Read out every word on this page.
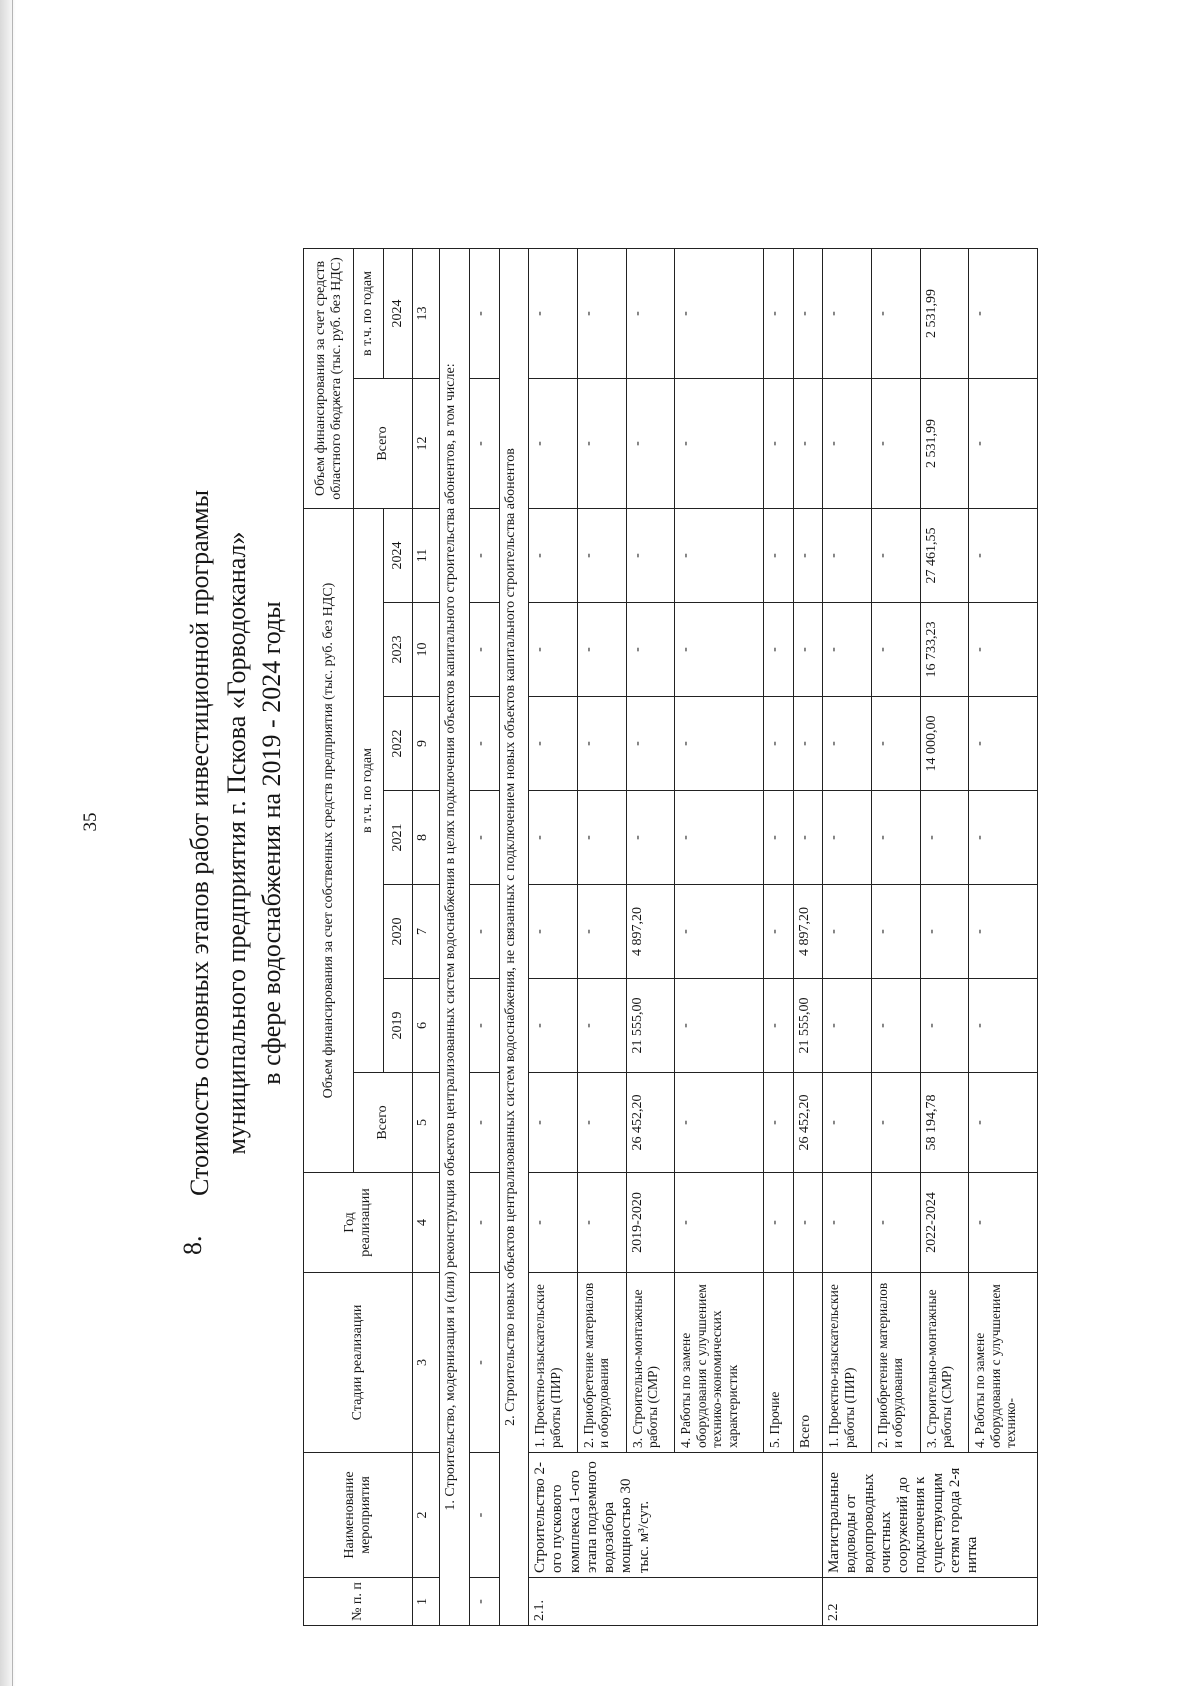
35
8.
Стоимость основных этапов работ инвестиционной программы муниципального предприятия г. Пскова «Горводоканал» в сфере водоснабжения на 2019 - 2024 годы
№ п. п	Наименование мероприятия	Стадии реализации	Год реализации	Объем финансирования за счет собственных средств предприятия (тыс. руб. без НДС)							Объем финансирования за счет средств областного бюджета (тыс. руб. без НДС)	
				Всего	в т.ч. по годам						Всего	в т.ч. по годам
					2019	2020	2021	2022	2023	2024		2024
1	2	3	4	5	6	7	8	9	10	11	12	13
1. Строительство, модернизация и (или) реконструкция объектов централизованных систем водоснабжения в целях подключения объектов капитального строительства абонентов, в том числе:												
-	-	-	-	-	-	-	-	-	-	-	-	-
2. Строительство новых объектов централизованных систем водоснабжения, не связанных с подключением новых объектов капитального строительства абонентов												
2.1.	Строительство 2-ого пускового комплекса 1-ого этапа подземного водозабора мощностью 30 тыс. м³/сут.	1. Проектно-изыскательские работы (ПИР)	-	-	-	-	-	-	-	-	-	-
		2. Приобретение материалов и оборудования	-	-	-	-	-	-	-	-	-	-
		3. Строительно-монтажные работы (СМР)	2019-2020	26 452,20	21 555,00	4 897,20	-	-	-	-	-	-
		4. Работы по замене оборудования с улучшением технико-экономических характеристик	-	-	-	-	-	-	-	-	-	-
		5. Прочие	-	-	-	-	-	-	-	-	-	-
		Всего	-	26 452,20	21 555,00	4 897,20	-	-	-	-	-	-
2.2	Магистральные водоводы от водопроводных очистных сооружений до подключения к существующим сетям города 2-я нитка	1. Проектно-изыскательские работы (ПИР)	-	-	-	-	-	-	-	-	-	-
		2. Приобретение материалов и оборудования	-	-	-	-	-	-	-	-	-	-
		3. Строительно-монтажные работы (СМР)	2022-2024	58 194,78	-	-	-	14 000,00	16 733,23	27 461,55	2 531,99	2 531,99
		4. Работы по замене оборудования с улучшением технико-	-	-	-	-	-	-	-	-	-	-
